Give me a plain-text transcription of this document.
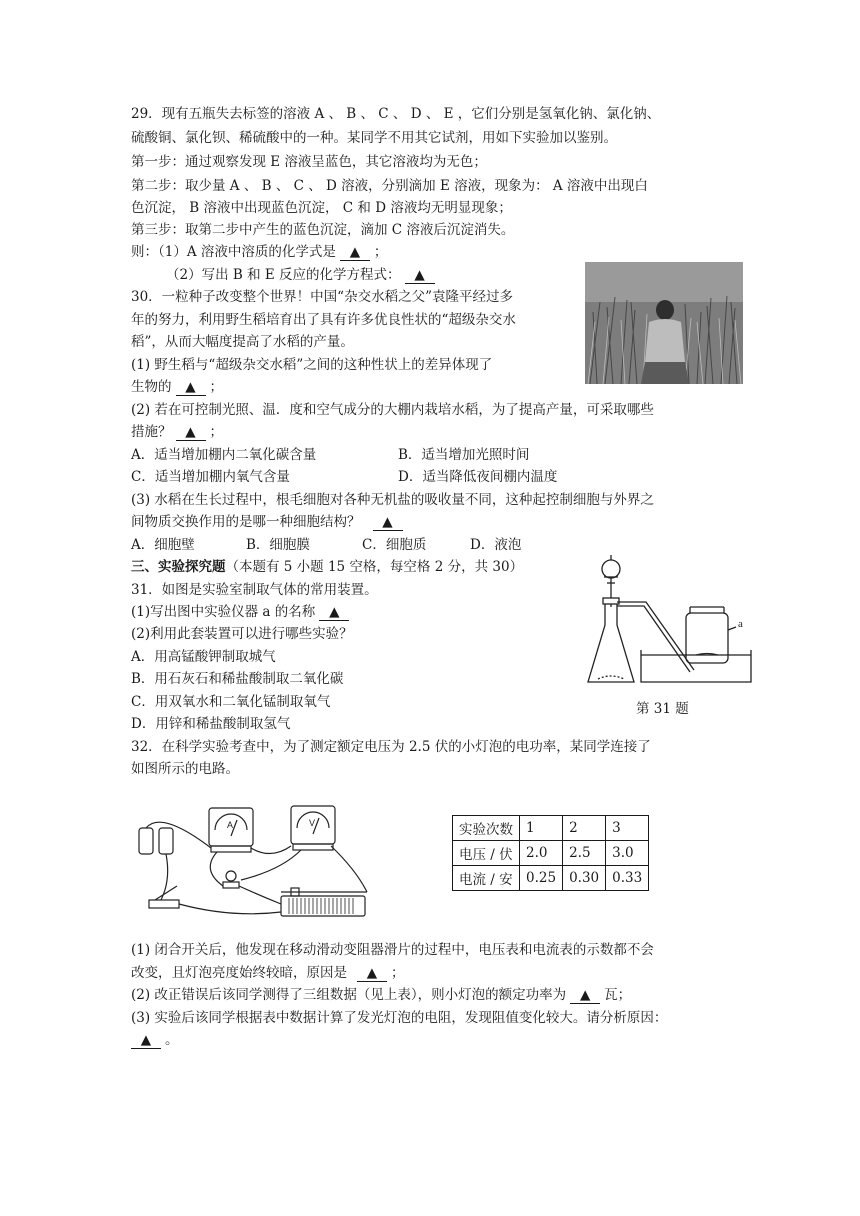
29．现有五瓶失去标签的溶液 A 、 B 、 C 、 D 、 E ，它们分别是氢氧化钠、氯化钠、
硫酸铜、氯化钡、稀硫酸中的一种。某同学不用其它试剂，用如下实验加以鉴别。
第一步：通过观察发现 E 溶液呈蓝色，其它溶液均为无色；
第二步：取少量 A 、 B 、 C 、 D 溶液，分别滴加 E 溶液，现象为： A 溶液中出现白
色沉淀， B 溶液中出现蓝色沉淀， C 和 D 溶液均无明显现象；
第三步：取第二步中产生的蓝色沉淀，滴加 C 溶液后沉淀消失。
则：（1）A 溶液中溶质的化学式是 ▲ ；
（2）写出 B 和 E 反应的化学方程式： ▲
30．一粒种子改变整个世界！中国“杂交水稻之父”袁隆平经过多
年的努力，利用野生稻培育出了具有许多优良性状的“超级杂交水
稻”，从而大幅度提高了水稻的产量。
(1) 野生稻与“超级杂交水稻”之间的这种性状上的差异体现了
生物的 ▲ ；
(2) 若在可控制光照、温．度和空气成分的大棚内栽培水稻，为了提高产量，可采取哪些
措施？ ▲ ；
A．适当增加棚内二氧化碳含量	B．适当增加光照时间
C．适当增加棚内氧气含量	D．适当降低夜间棚内温度
(3) 水稻在生长过程中，根毛细胞对各种无机盐的吸收量不同，这种起控制细胞与外界之
间物质交换作用的是哪一种细胞结构？ ▲
A．细胞壁	B．细胞膜	C．细胞质	D．液泡
三、实验探究题（本题有 5 小题 15 空格，每空格 2 分，共 30）
a
第 31 题
31．如图是实验室制取气体的常用装置。
(1)写出图中实验仪器 a 的名称 ▲
(2)利用此套装置可以进行哪些实验？
A．用高锰酸钾制取城气
B．用石灰石和稀盐酸制取二氧化碳
C．用双氧水和二氧化锰制取氧气
D．用锌和稀盐酸制取氢气
32．在科学实验考查中，为了测定额定电压为 2.5 伏的小灯泡的电功率，某同学连接了
如图所示的电路。
A	V	实验次数	1	2	3
电压 / 伏	2.0	2.5	3.0
电流 / 安	0.25	0.30	0.33
(1) 闭合开关后，他发现在移动滑动变阻器滑片的过程中，电压表和电流表的示数都不会
改变，且灯泡亮度始终较暗，原因是 ▲ ；
(2) 改正错误后该同学测得了三组数据（见上表），则小灯泡的额定功率为 ▲ 瓦；
(3) 实验后该同学根据表中数据计算了发光灯泡的电阻，发现阻值变化较大。请分析原因：
▲ 。
